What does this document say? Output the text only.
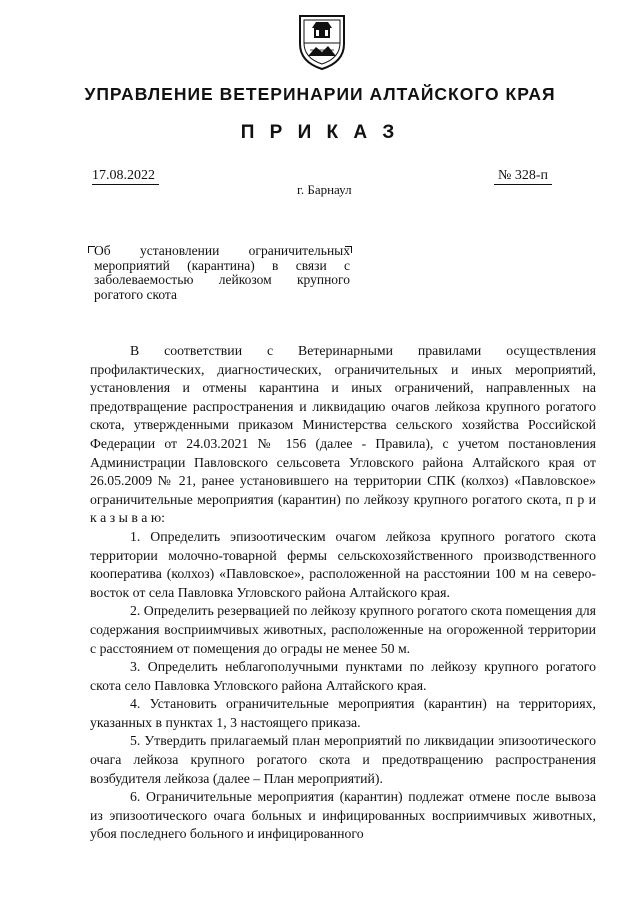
УПРАВЛЕНИЕ ВЕТЕРИНАРИИ АЛТАЙСКОГО КРАЯ
П Р И К А З
17.08.2022	№ 328-п
г. Барнаул
Об установлении ограничительных мероприятий (карантина) в связи с заболеваемостью лейкозом крупного рогатого скота

В соответствии с Ветеринарными правилами осуществления профилактических, диагностических, ограничительных и иных мероприятий, установления и отмены карантина и иных ограничений, направленных на предотвращение распространения и ликвидацию очагов лейкоза крупного рогатого скота, утвержденными приказом Министерства сельского хозяйства Российской Федерации от 24.03.2021 № 156 (далее - Правила), с учетом постановления Администрации Павловского сельсовета Угловского района Алтайского края от 26.05.2009 № 21, ранее установившего на территории СПК (колхоз) «Павловское» ограничительные мероприятия (карантин) по лейкозу крупного рогатого скота, п р и к а з ы в а ю:

1. Определить эпизоотическим очагом лейкоза крупного рогатого скота территории молочно-товарной фермы сельскохозяйственного производственного кооператива (колхоз) «Павловское», расположенной на расстоянии 100 м на северо-восток от села Павловка Угловского района Алтайского края.

2. Определить резервацией по лейкозу крупного рогатого скота помещения для содержания восприимчивых животных, расположенные на огороженной территории с расстоянием от помещения до ограды не менее 50 м.

3. Определить неблагополучными пунктами по лейкозу крупного рогатого скота село Павловка Угловского района Алтайского края.

4. Установить ограничительные мероприятия (карантин) на территориях, указанных в пунктах 1, 3 настоящего приказа.

5. Утвердить прилагаемый план мероприятий по ликвидации эпизоотического очага лейкоза крупного рогатого скота и предотвращению распространения возбудителя лейкоза (далее – План мероприятий).

6. Ограничительные мероприятия (карантин) подлежат отмене после вывоза из эпизоотического очага больных и инфицированных восприимчивых животных, убоя последнего больного и инфицированного
